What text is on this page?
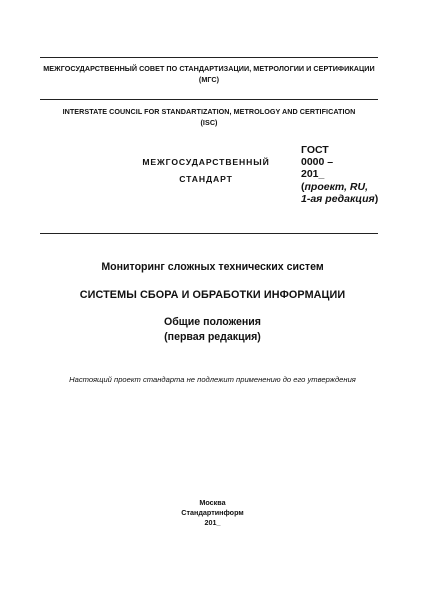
МЕЖГОСУДАРСТВЕННЫЙ СОВЕТ ПО СТАНДАРТИЗАЦИИ, МЕТРОЛОГИИ И СЕРТИФИКАЦИИ
(МГС)
INTERSTATE COUNCIL FOR STANDARTIZATION, METROLOGY AND CERTIFICATION
(ISC)
МЕЖГОСУДАРСТВЕННЫЙ
СТАНДАРТ
ГОСТ
0000 –
201_
(проект, RU,
1-ая редакция)
Мониторинг сложных технических систем
СИСТЕМЫ СБОРА И ОБРАБОТКИ ИНФОРМАЦИИ
Общие положения
(первая редакция)
Настоящий проект стандарта не подлежит применению до его утверждения
Москва
Стандартинформ
201_
